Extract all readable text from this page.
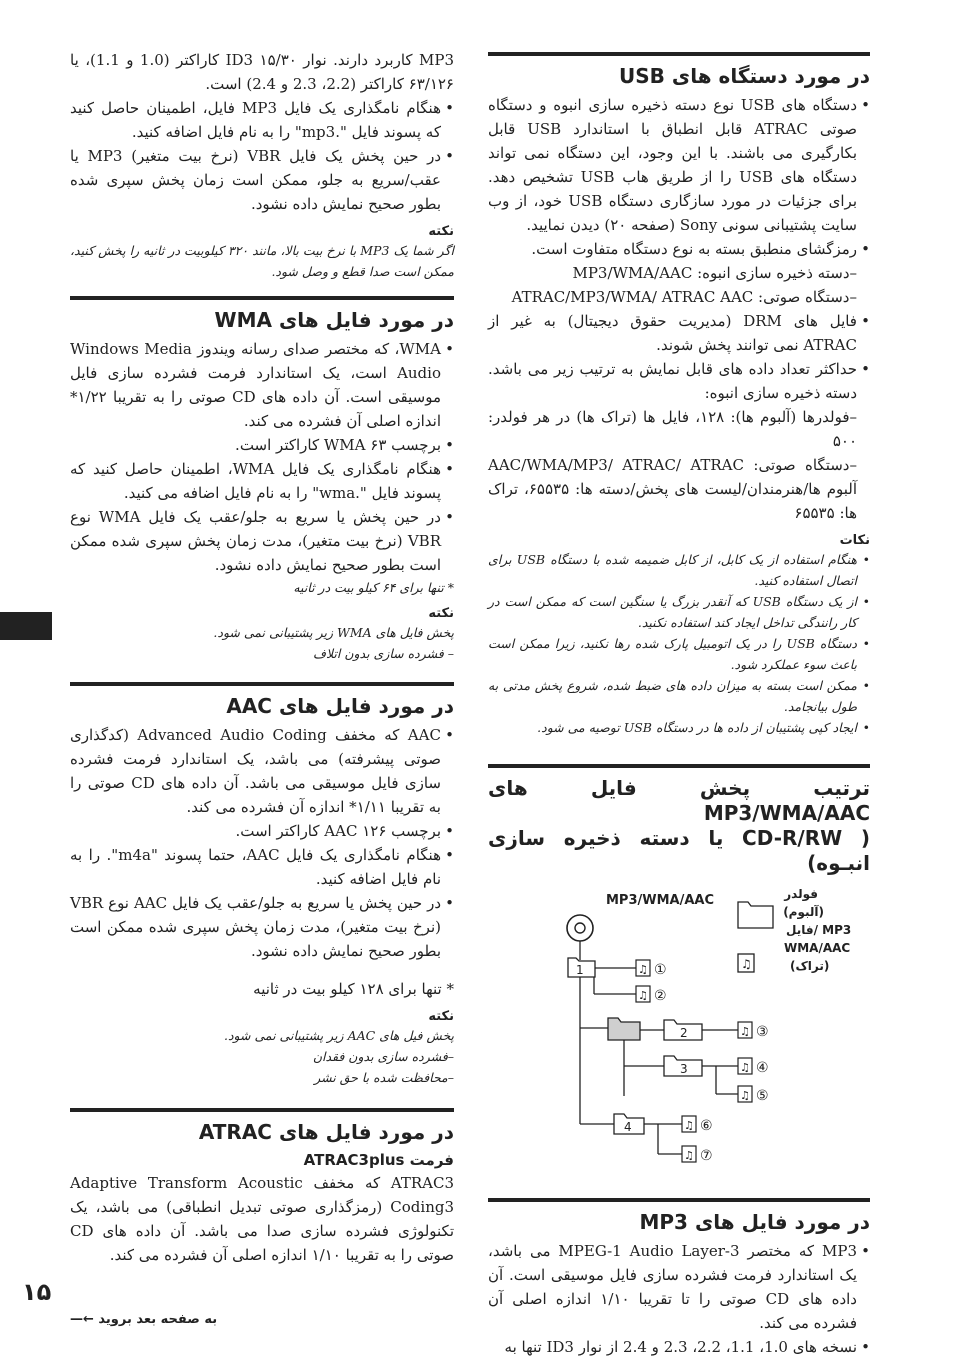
در مورد دستگاه های USB
• دستگاه های USB نوع دسته ذخیره سازی انبوه و دستگاه صوتی ATRAC قابل انطباق با استاندارد USB قابل بکارگیری می باشند. با این وجود، این دستگاه نمی تواند دستگاه های USB را از طریق هاب USB تشخیص دهد. برای جزئیات در مورد سازگاری دستگاه USB خود، از وب سایت پشتیبانی سونی Sony (صفحه ۲۰) دیدن نمایید.
• رمزگشای منطبق بسته به نوع دستگاه متفاوت است.
–دسته ذخیره سازی انبوه: MP3/WMA/AAC
–دستگاه صوتی: ATRAC/MP3/WMA/ ATRAC AAC
• فایل های DRM (مدیریت حقوق دیجیتال) به غیر از ATRAC نمی توانند پخش شوند.
• حداکثر تعداد داده های قابل نمایش به ترتیب زیر می باشد. دسته ذخیره سازی انبوه:
–فولدرها (آلبوم ها): ۱۲۸، فایل ها (تراک ها) در هر فولدر: ۵۰۰
–دستگاه صوتی: AAC/WMA/MP3/ ATRAC/ ATRAC آلبوم ها/هنرمندان/لیست های پخش/دسته ها: ۶۵۵۳۵، تراک ها: ۶۵۵۳۵
نکات
• هنگام استفاده از یک کابل، از کابل ضمیمه شده با دستگاه USB برای اتصال استفاده کنید.
• از یک دستگاه USB که آنقدر بزرگ یا سنگین است که ممکن است در کار رانندگی تداخل ایجاد کند استفاده نکنید.
• دستگاه USB را در یک اتومبیل پارک شده رها نکنید، زیرا ممکن است باعث سوء عملکرد شود.
• ممکن است بسته به میزان داده های ضبط شده، شروع پخش مدتی به طول بیانجامد.
• ایجاد کپی پشتیبان از داده ها در دستگاه USB توصیه می شود.
ترتیب پخش فایل های MP3/WMA/AAC
( CD-R/RW یا دسته ذخیره سازی انبـوه)
MP3/WMA/AAC	فولدر (آلبوم)
♫
فایل/ MP3 WMA/AAC (تراک)
1
2
3
4
♫ ①
♫ ②
♫ ③
♫ ④
♫ ⑤
♫ ⑥
♫ ⑦
در مورد فایل های MP3
• MP3 که مختصر MPEG-1 Audio Layer-3 می باشد، یک استاندارد فرمت فشرده سازی فایل موسیقی است. آن داده های CD صوتی را تا تقریبا ۱/۱۰ اندازه اصلی آن فشرده می کند.
• نسخه های 1.0، 1.1، 2.2، 2.3 و 2.4 از نوار ID3 تنها به

MP3 کاربرد دارند. نوار ID3 ۱۵/۳۰ کاراکتر (1.0 و 1.1)، یا ۶۳/۱۲۶ کاراکتر (2.2، 2.3 و 2.4) است.

• هنگام نامگذاری یک فایل MP3 فایل، اطمینان حاصل کنید که پسوند فایل ".mp3" را به نام فایل اضافه کنید.
• در حین پخش یک فایل VBR (نرخ بیت متغیر) MP3 یا عقب/سریع به جلو، ممکن است زمان پخش سپری شده بطور صحیح نمایش داده نشود.
نکته

اگر شما یک MP3 با نرخ بیت بالا، مانند ۳۲۰ کیلوبیت در ثانیه را پخش کنید، ممکن است صدا قطع و وصل شود.

در مورد فایل های WMA
• WMA، که مختصر صدای رسانه ویندوز Windows Media Audio است، یک استاندارد فرمت فشرده سازی فایل موسیقی است. آن داده های CD صوتی را به تقریبا ۱/۲۲* اندازه اصلی آن فشرده می کند.
• برچسب WMA ۶۳ کاراکتر است.
• هنگام نامگذاری یک فایل WMA، اطمینان حاصل کنید که پسوند فایل ".wma" را به نام فایل اضافه می کنید.
• در حین پخش یا سریع به جلو/عقب یک فایل WMA نوع VBR (نرخ بیت متغیر)، مدت زمان پخش سپری شده ممکن است بطور صحیح نمایش داده نشود.

* تنها برای ۶۴ کیلو بیت در ثانیه

نکته

پخش فایل های WMA زیر پشتیبانی نمی شود.

– فشرده سازی بدون اتلاف

در مورد فایل های AAC
• AAC که مخفف Advanced Audio Coding (کدگذاری صوتی پیشرفته) می باشد، یک استاندارد فرمت فشرده سازی فایل موسیقی می باشد. آن داده های CD صوتی را به تقریبا ۱/۱۱* اندازه آن فشرده می کند.
• برچسب AAC ۱۲۶ کاراکتر است.
• هنگام نامگذاری یک فایل AAC، حتما پسوند "m4a". را به نام فایل اضافه کنید.
• در حین پخش یا سریع به جلو/عقب یک فایل AAC نوع VBR (نرخ بیت متغیر)، مدت زمان پخش سپری شده ممکن است بطور صحیح نمایش داده نشود.

* تنها برای ۱۲۸ کیلو بیت در ثانیه

نکته

پخش فیل های AAC زیر پشتیبانی نمی شود.

–فشرده سازی بدون فقدان

–محافظت شده با حق نشر

در مورد فایل های ATRAC
فرمت ATRAC3plus

ATRAC3 که مخفف Adaptive Transform Acoustic Coding3 (رمزگذاری صوتی تبدیل انطباقی) می باشد، یک تکنولوژی فشرده سازی صدا می باشد. آن داده های CD صوتی را به تقریبا ۱/۱۰ اندازه اصلی آن فشرده می کند.

۱۵
به صفحه بعد بروید ←—
